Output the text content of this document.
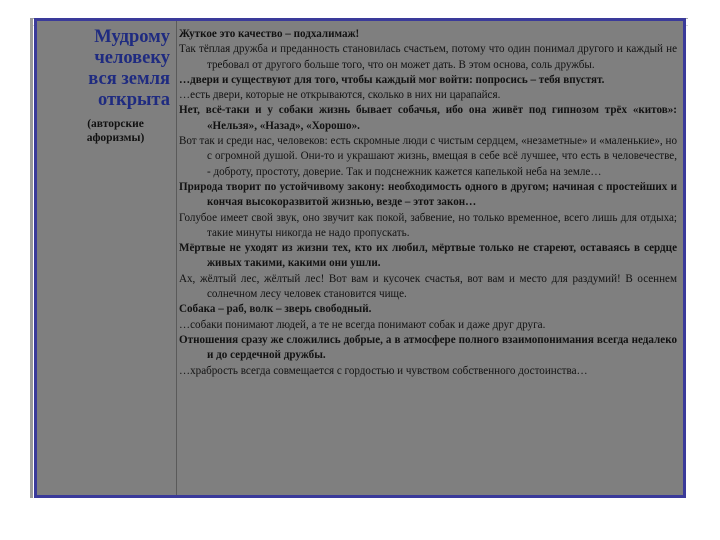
Мудрому
человеку
вся земля
открыта
(авторские
афоризмы)

Жуткое это качество – подхалимаж!

Так тёплая дружба и преданность становилась счастьем, потому что один понимал другого и каждый не требовал от другого больше того, что он может дать. В этом основа, соль дружбы.

…двери и существуют для того, чтобы каждый мог войти: попросись – тебя впустят.

…есть двери, которые не открываются, сколько в них ни царапайся.

Нет, всё-таки и у собаки жизнь бывает собачья, ибо она живёт под гипнозом трёх «китов»: «Нельзя», «Назад», «Хорошо».

Вот так и среди нас, человеков: есть скромные люди с чистым сердцем, «незаметные» и «маленькие», но с огромной душой. Они-то и украшают жизнь, вмещая в себе всё лучшее, что есть в человечестве, - доброту, простоту, доверие. Так и подснежник кажется капелькой неба на земле…

Природа творит по устойчивому закону: необходимость одного в другом; начиная с простейших и кончая высокоразвитой жизнью, везде – этот закон…

Голубое имеет свой звук, оно звучит как покой, забвение, но только временное, всего лишь для отдыха; такие минуты никогда не надо пропускать.

Мёртвые не уходят из жизни тех, кто их любил, мёртвые только не стареют, оставаясь в сердце живых такими, какими они ушли.

Ах, жёлтый лес, жёлтый лес! Вот вам и кусочек счастья, вот вам и место для раздумий! В осеннем солнечном лесу человек становится чище.

Собака – раб, волк – зверь свободный.

…собаки понимают людей, а те не всегда понимают собак и даже друг друга.

Отношения сразу же сложились добрые, а в атмосфере полного взаимопонимания всегда недалеко и до сердечной дружбы.

…храбрость всегда совмещается с гордостью и чувством собственного достоинства…
